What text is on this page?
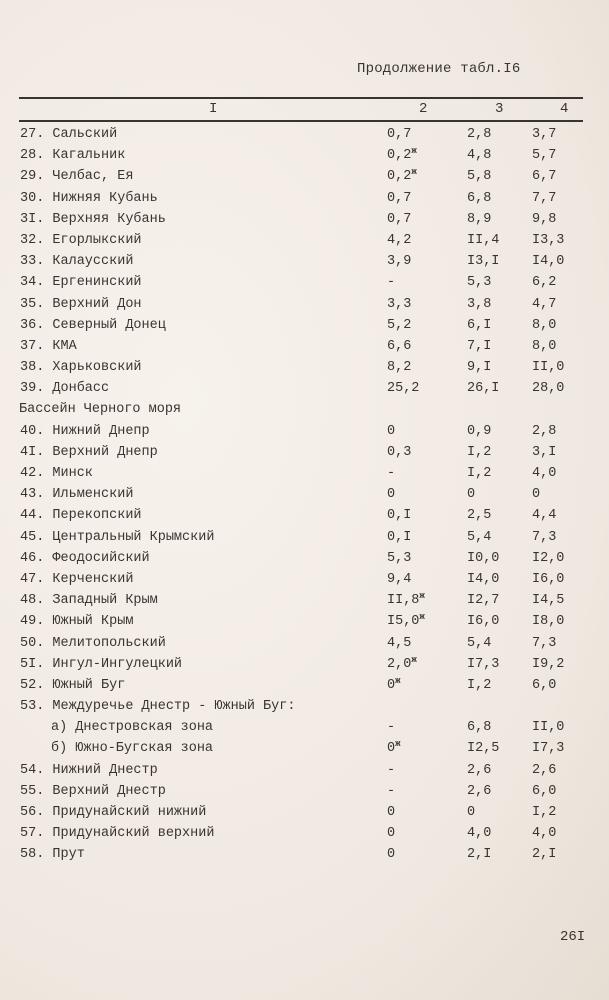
Продолжение табл.I6
I	2	3	4
27. Сальский	0,7	2,8	3,7
28. Кагальник	$0,2^ж$	4,8	5,7
29. Челбас, Ея	$0,2^ж$	5,8	6,7
30. Нижняя Кубань	0,7	6,8	7,7
3I. Верхняя Кубань	0,7	8,9	9,8
32. Егорлыкский	4,2	II,4 I3,3
33. Калаусский	3,9	I3,I I4,0
34. Ергенинский	-	5,3	6,2
35. Верхний Дон	3,3	3,8	4,7
36. Северный Донец	5,2	6,I	8,0
37. КМА	6,6	7,I	8,0
38. Харьковский	8,2	9,I	II,0
39. Донбасс	25,2	26,I 28,0
Бассейн Черного моря
40. Нижний Днепр	0	0,9	2,8
4I. Верхний Днепр	0,3	I,2	3,I
42. Минск	-	I,2	4,0
43. Ильменский	0	0	0
44. Перекопский	0,I	2,5	4,4
45. Центральный Крымский	0,I	5,4	7,3
46. Феодосийский	5,3	I0,0 I2,0
47. Керченский	9,4	I4,0 I6,0
48. Западный Крым	$II,8^ж$	I2,7 I4,5
49. Южный Крым	$I5,0^ж$	I6,0 I8,0
50. Мелитопольский	4,5	5,4	7,3
5I. Ингул-Ингулецкий	$2,0^ж$	I7,3 I9,2
52. Южный Буг	$0^ж$	I,2	6,0
53. Междуречье Днестр - Южный Буг:
а) Днестровская зона	-	6,8	II,0
б) Южно-Бугская зона	$0^ж$	I2,5 I7,3
54. Нижний Днестр	-	2,6	2,6
55. Верхний Днестр	-	2,6	6,0
56. Придунайский нижний	0	0	I,2
57. Придунайский верхний	0	4,0	4,0
58. Прут	0	2,I	2,I
26I
